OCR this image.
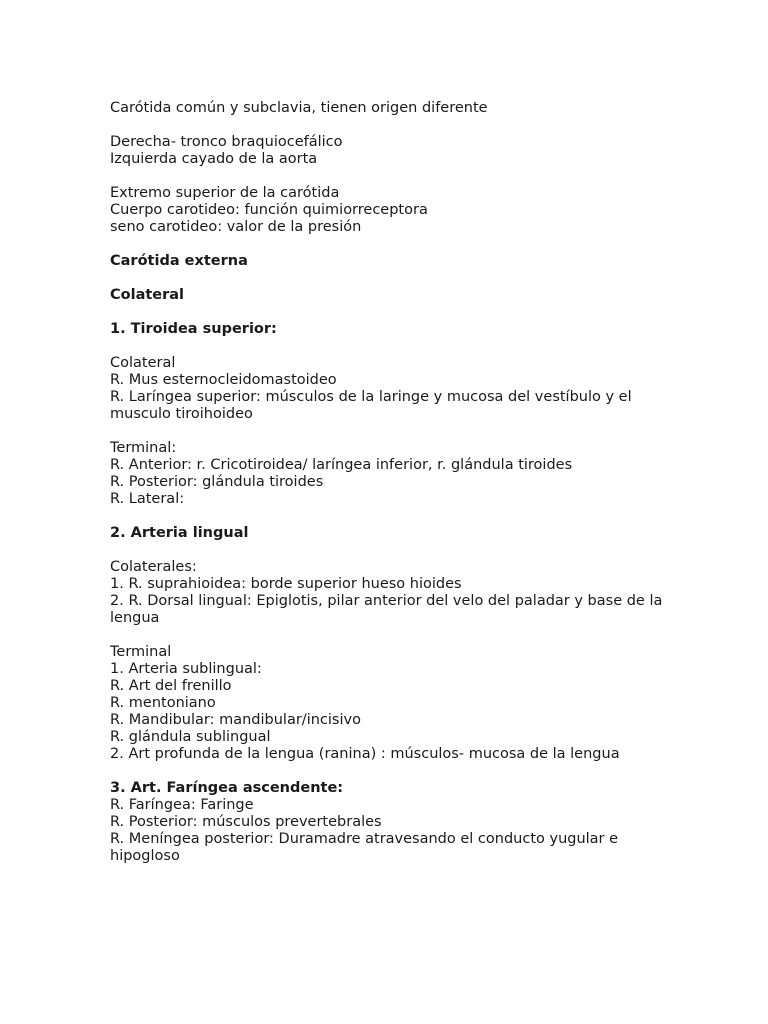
Carótida común y subclavia, tienen origen diferente
Derecha- tronco braquiocefálico
Izquierda cayado de la aorta
Extremo superior de la carótida
Cuerpo carotideo: función quimiorreceptora
seno carotideo: valor de la presión
Carótida externa
Colateral
1. Tiroidea superior:
Colateral
R. Mus esternocleidomastoideo
R. Laríngea superior: músculos de la laringe y mucosa del vestíbulo y el musculo tiroihoideo
Terminal:
R. Anterior: r. Cricotiroidea/ laríngea inferior, r. glándula tiroides
R. Posterior: glándula tiroides
R. Lateral:
2. Arteria lingual
Colaterales:
1. R. suprahioidea: borde superior hueso hioides
2. R. Dorsal lingual: Epiglotis, pilar anterior del velo del paladar y base de la lengua
Terminal
1. Arteria sublingual:
R. Art del frenillo
R. mentoniano
R. Mandibular: mandibular/incisivo
R. glándula sublingual
2. Art profunda de la lengua (ranina) : músculos- mucosa de la lengua
3. Art. Faríngea ascendente:
R. Faríngea: Faringe
R. Posterior: músculos prevertebrales
R. Meníngea posterior: Duramadre atravesando el conducto yugular e hipogloso
